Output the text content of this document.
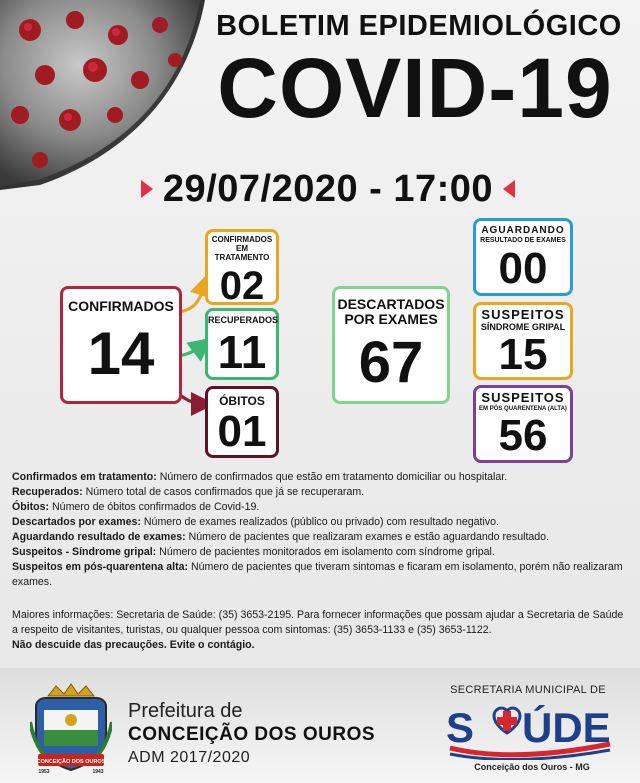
BOLETIM EPIDEMIOLÓGICO
COVID-19
29/07/2020 - 17:00
CONFIRMADOS
14
CONFIRMADOS
EM TRATAMENTO
02
RECUPERADOS
11
ÓBITOS
01
DESCARTADOS
POR EXAMES
67
AGUARDANDO
RESULTADO DE EXAMES
00
SUSPEITOS
SÍNDROME GRIPAL
15
SUSPEITOS
EM PÓS QUARENTENA (ALTA)
56
Confirmados em tratamento: Número de confirmados que estão em tratamento domiciliar ou hospitalar.
Recuperados: Número total de casos confirmados que já se recuperaram.
Óbitos: Número de óbitos confirmados de Covid-19.
Descartados por exames: Número de exames realizados (público ou privado) com resultado negativo.
Aguardando resultado de exames: Número de pacientes que realizaram exames e estão aguardando resultado.
Suspeitos - Síndrome gripal: Número de pacientes monitorados em isolamento com síndrome gripal.
Suspeitos em pós-quarentena alta: Número de pacientes que tiveram sintomas e ficaram em isolamento, porém não realizaram exames.
Maiores informações: Secretaria de Saúde: (35) 3653-2195. Para fornecer informações que possam ajudar a Secretaria de Saúde a respeito de visitantes, turistas, ou qualquer pessoa com sintomas: (35) 3653-1133 e (35) 3653-1122.
Não descuide das precauções. Evite o contágio.
CONCEIÇÃO DOS OUROS
1953	1943
Prefeitura de
CONCEIÇÃO DOS OUROS
ADM 2017/2020
SECRETARIA MUNICIPAL DE
S ÚDE
Conceição dos Ouros - MG
